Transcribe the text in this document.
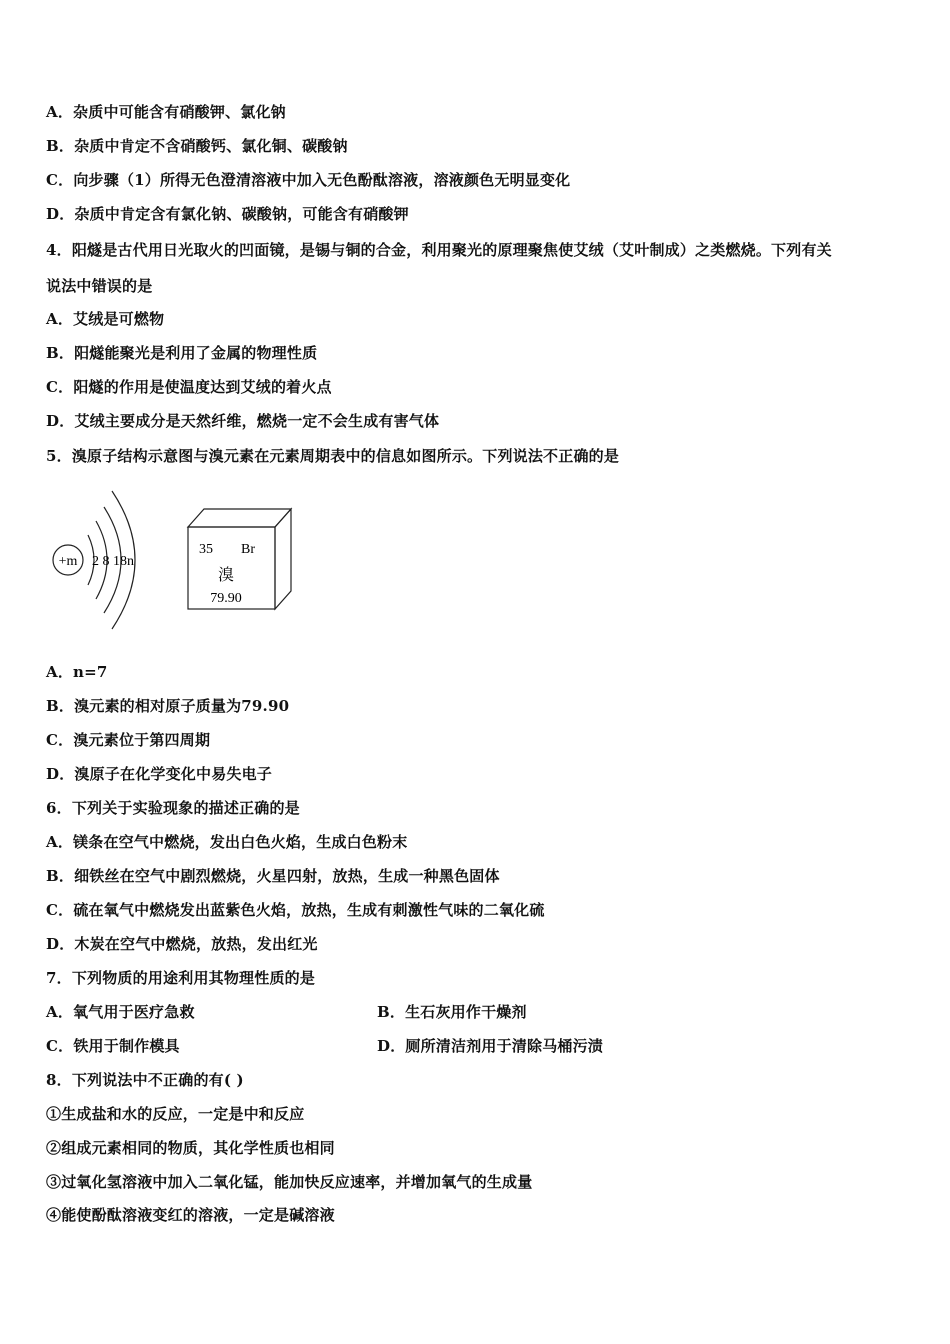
A．杂质中可能含有硝酸钾、氯化钠
B．杂质中肯定不含硝酸钙、氯化铜、碳酸钠
C．向步骤（1）所得无色澄清溶液中加入无色酚酞溶液，溶液颜色无明显变化
D．杂质中肯定含有氯化钠、碳酸钠，可能含有硝酸钾
4．阳燧是古代用日光取火的凹面镜，是锡与铜的合金，利用聚光的原理聚焦使艾绒（艾叶制成）之类燃烧。下列有关
说法中错误的是
A．艾绒是可燃物
B．阳燧能聚光是利用了金属的物理性质
C．阳燧的作用是使温度达到艾绒的着火点
D．艾绒主要成分是天然纤维，燃烧一定不会生成有害气体
5．溴原子结构示意图与溴元素在元素周期表中的信息如图所示。下列说法不正确的是
+m 2 8 18n
35 Br
溴
79.90
A．n=7
B．溴元素的相对原子质量为79.90
C．溴元素位于第四周期
D．溴原子在化学变化中易失电子
6．下列关于实验现象的描述正确的是
A．镁条在空气中燃烧，发出白色火焰，生成白色粉末
B．细铁丝在空气中剧烈燃烧，火星四射，放热，生成一种黑色固体
C．硫在氧气中燃烧发出蓝紫色火焰，放热，生成有刺激性气味的二氧化硫
D．木炭在空气中燃烧，放热，发出红光
7．下列物质的用途利用其物理性质的是
A．氧气用于医疗急救	B．生石灰用作干燥剂
C．铁用于制作模具	D．厕所清洁剂用于清除马桶污渍
8．下列说法中不正确的有( )
①生成盐和水的反应，一定是中和反应
②组成元素相同的物质，其化学性质也相同
③过氧化氢溶液中加入二氧化锰，能加快反应速率，并增加氧气的生成量
④能使酚酞溶液变红的溶液，一定是碱溶液
